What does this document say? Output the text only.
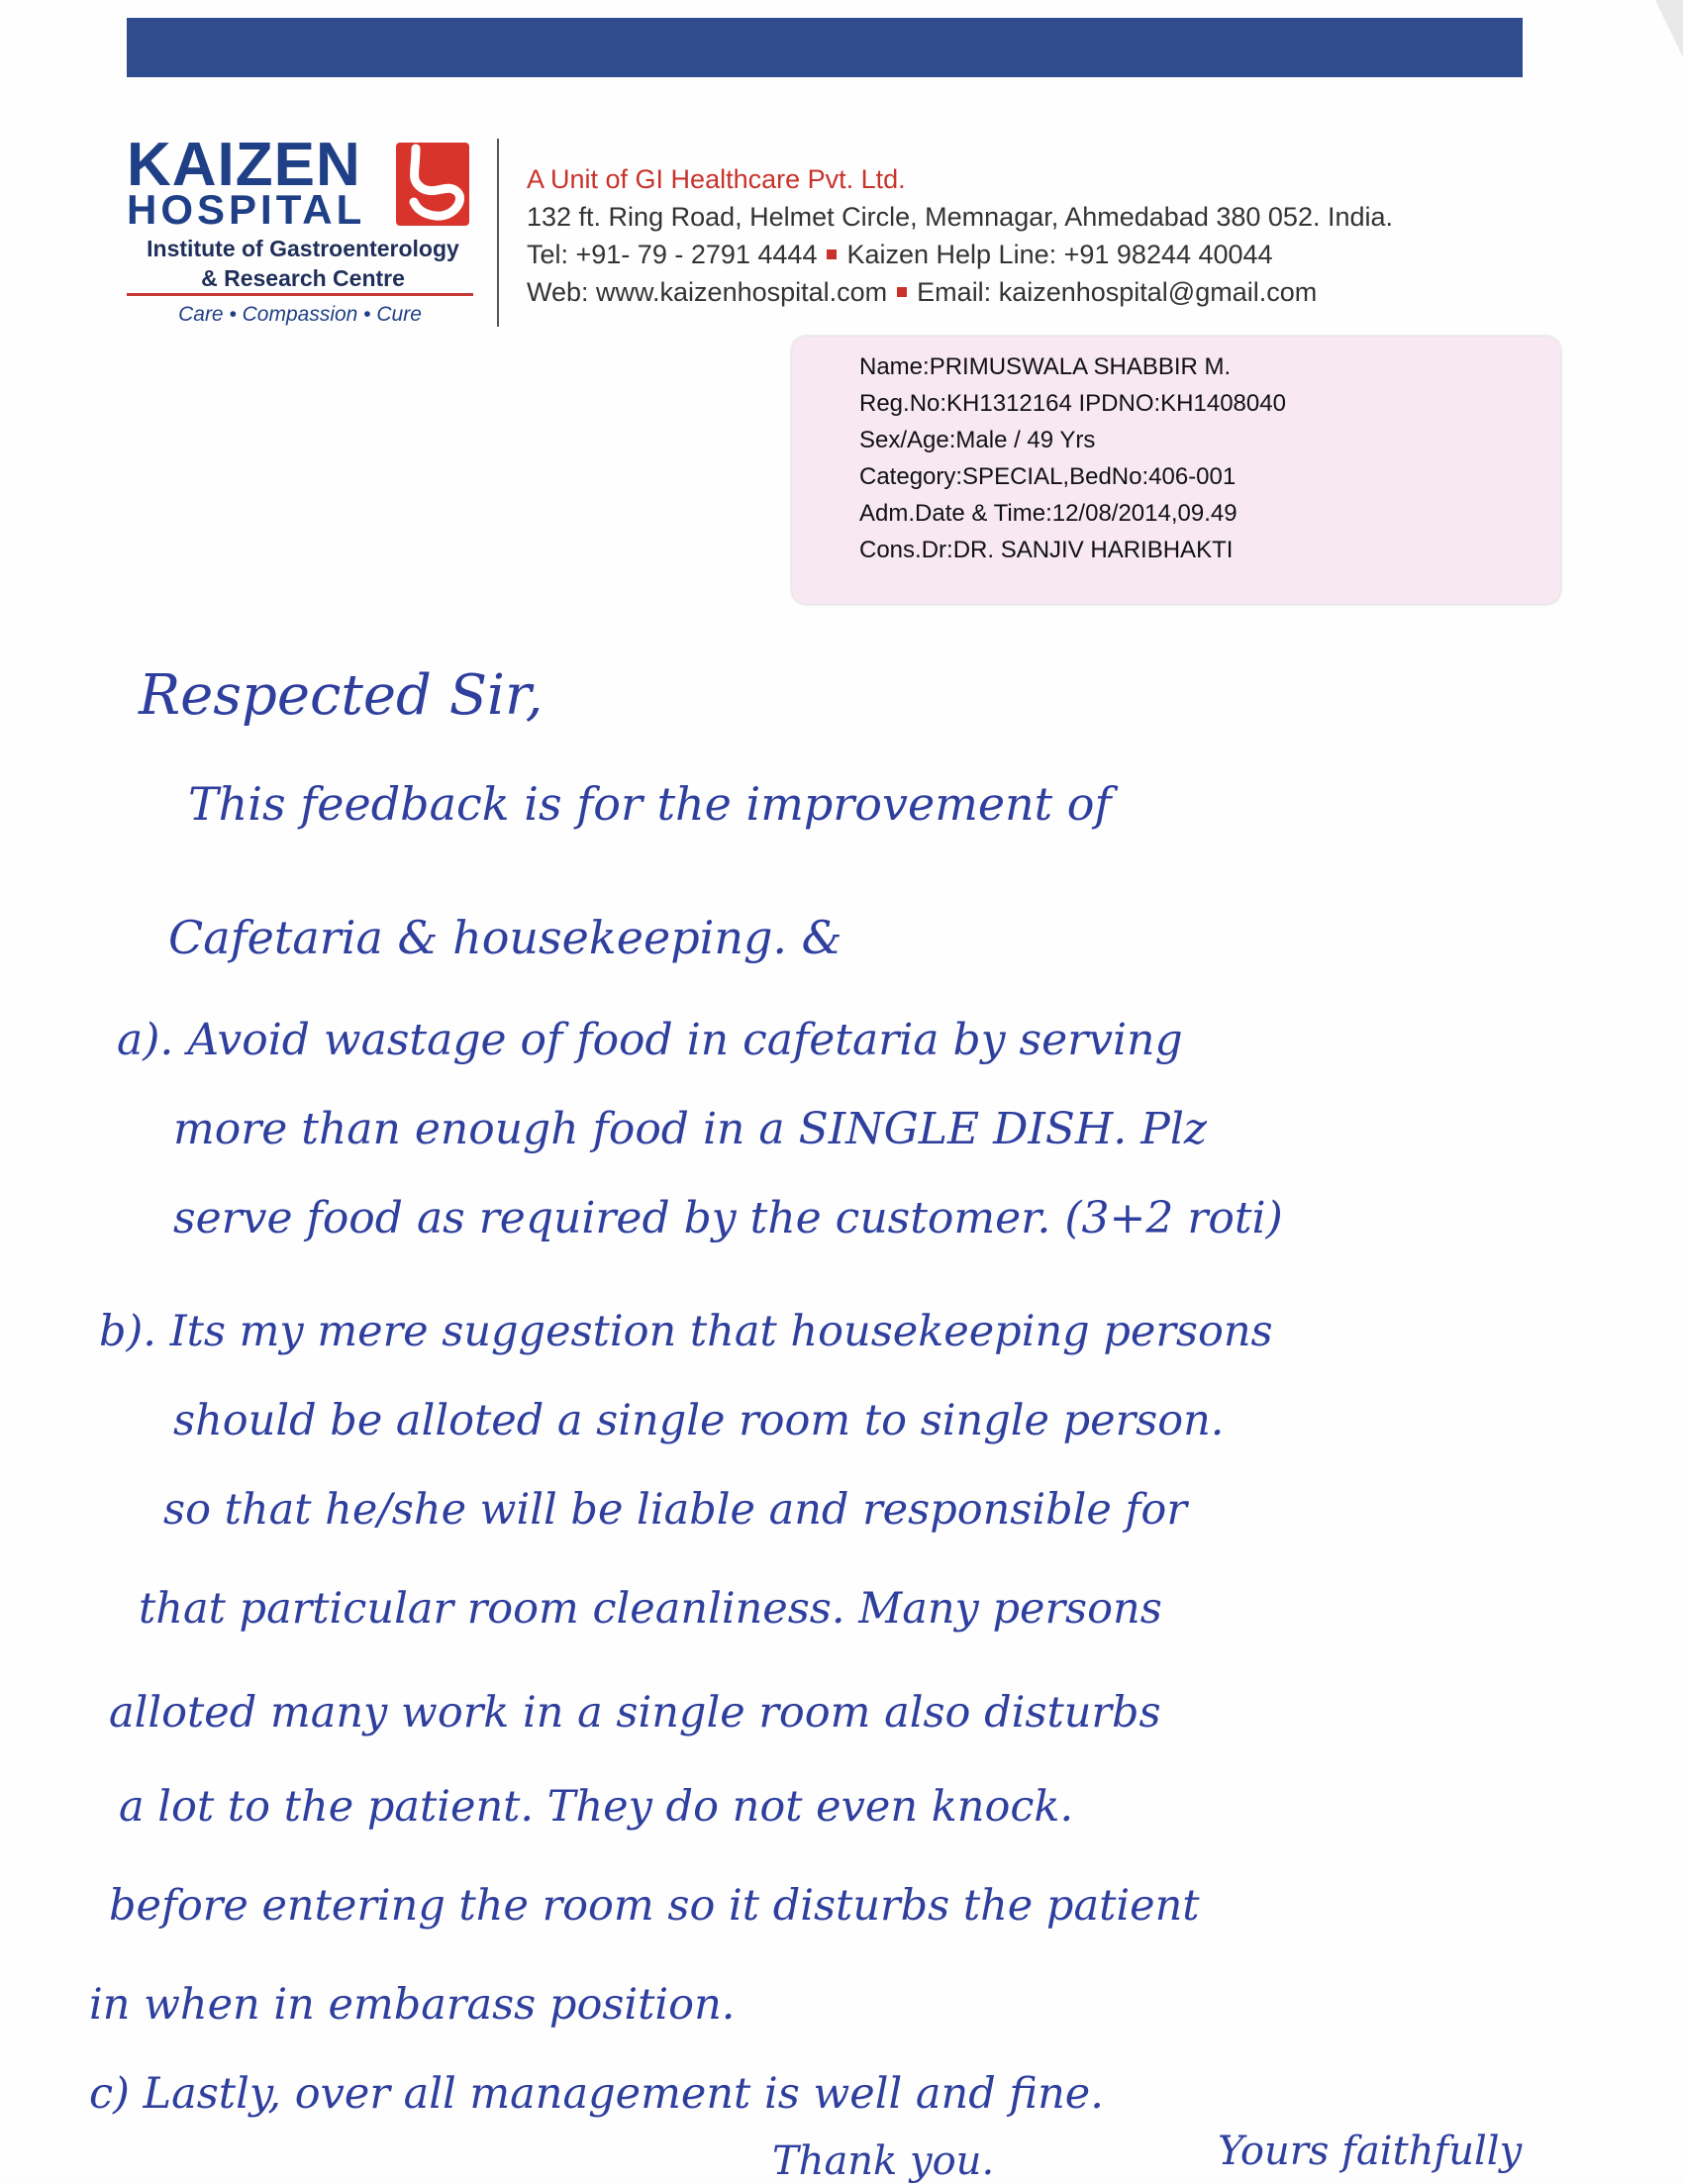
KAIZEN
HOSPITAL
Institute of Gastroenterology
& Research Centre
Care • Compassion • Cure
A Unit of GI Healthcare Pvt. Ltd.
132 ft. Ring Road, Helmet Circle, Memnagar, Ahmedabad 380 052. India.
Tel: +91- 79 - 2791 4444 Kaizen Help Line: +91 98244 40044
Web: www.kaizenhospital.com Email: kaizenhospital@gmail.com
Name:PRIMUSWALA SHABBIR M.
Reg.No:KH1312164 IPDNO:KH1408040
Sex/Age:Male / 49 Yrs
Category:SPECIAL,BedNo:406-001
Adm.Date & Time:12/08/2014,09.49
Cons.Dr:DR. SANJIV HARIBHAKTI
Respected Sir,
This feedback is for the improvement of
Cafetaria & housekeeping. &
a). Avoid wastage of food in cafetaria by serving
more than enough food in a SINGLE DISH. Plz
serve food as required by the customer. (3+2 roti)
b). Its my mere suggestion that housekeeping persons
should be alloted a single room to single person.
so that he/she will be liable and responsible for
that particular room cleanliness. Many persons
alloted many work in a single room also disturbs
a lot to the patient. They do not even knock.
before entering the room so it disturbs the patient
in when in embarass position.
c) Lastly, over all management is well and fine.
Thank you.	Yours faithfully
